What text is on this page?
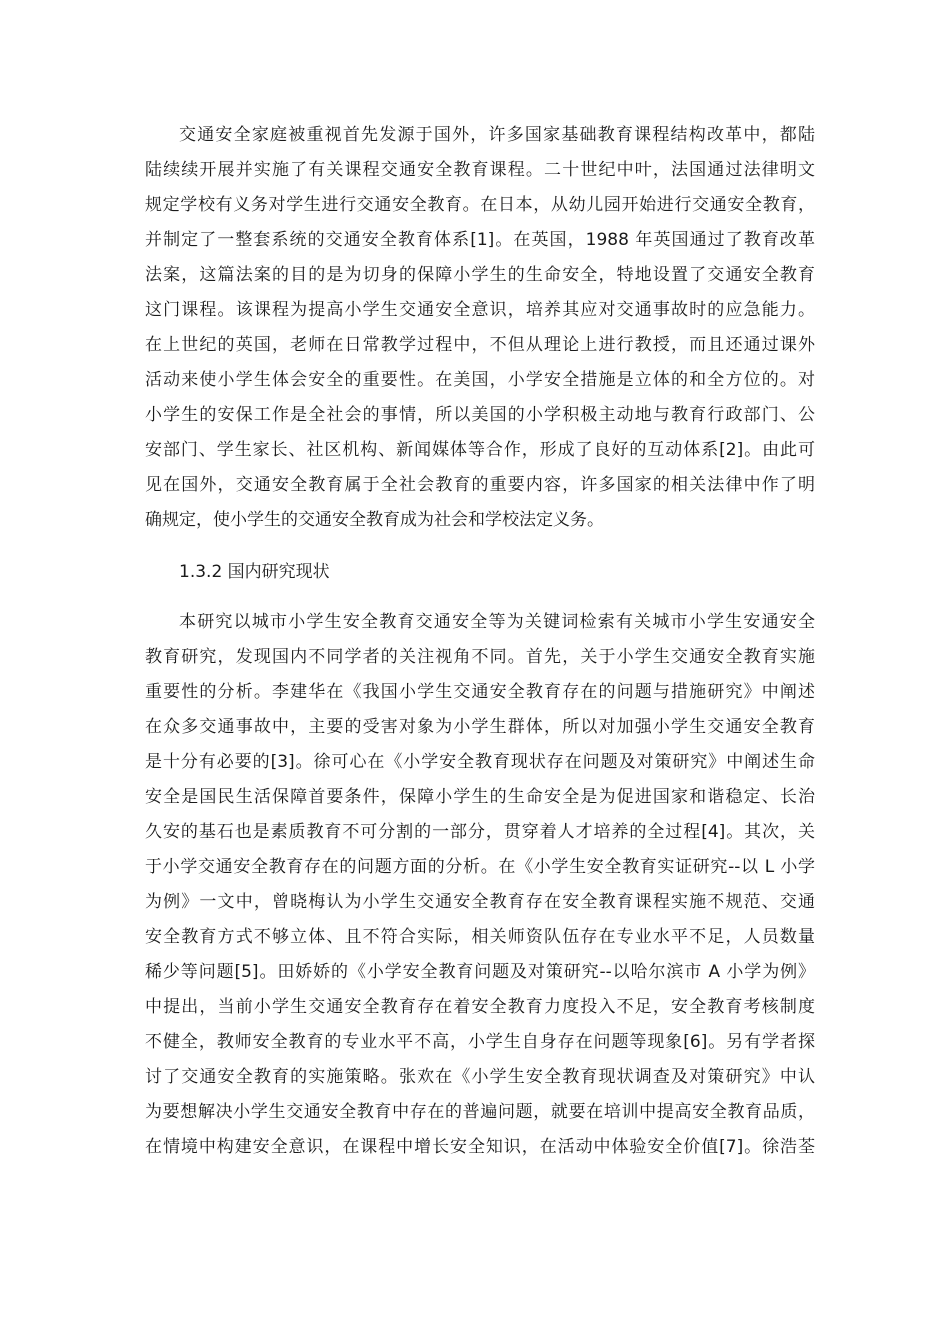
交通安全家庭被重视首先发源于国外，许多国家基础教育课程结构改革中，都陆
陆续续开展并实施了有关课程交通安全教育课程。二十世纪中叶，法国通过法律明文
规定学校有义务对学生进行交通安全教育。在日本，从幼儿园开始进行交通安全教育，
并制定了一整套系统的交通安全教育体系[1]。在英国，1988 年英国通过了教育改革
法案，这篇法案的目的是为切身的保障小学生的生命安全，特地设置了交通安全教育
这门课程。该课程为提高小学生交通安全意识，培养其应对交通事故时的应急能力。
在上世纪的英国，老师在日常教学过程中，不但从理论上进行教授，而且还通过课外
活动来使小学生体会安全的重要性。在美国，小学安全措施是立体的和全方位的。对
小学生的安保工作是全社会的事情，所以美国的小学积极主动地与教育行政部门、公
安部门、学生家长、社区机构、新闻媒体等合作，形成了良好的互动体系[2]。由此可
见在国外，交通安全教育属于全社会教育的重要内容，许多国家的相关法律中作了明
确规定，使小学生的交通安全教育成为社会和学校法定义务。
1.3.2 国内研究现状
本研究以城市小学生安全教育交通安全等为关键词检索有关城市小学生安通安全
教育研究，发现国内不同学者的关注视角不同。首先，关于小学生交通安全教育实施
重要性的分析。李建华在《我国小学生交通安全教育存在的问题与措施研究》中阐述
在众多交通事故中，主要的受害对象为小学生群体，所以对加强小学生交通安全教育
是十分有必要的[3]。徐可心在《小学安全教育现状存在问题及对策研究》中阐述生命
安全是国民生活保障首要条件，保障小学生的生命安全是为促进国家和谐稳定、长治
久安的基石也是素质教育不可分割的一部分，贯穿着人才培养的全过程[4]。其次，关
于小学交通安全教育存在的问题方面的分析。在《小学生安全教育实证研究--以 L 小学
为例》一文中，曾晓梅认为小学生交通安全教育存在安全教育课程实施不规范、交通
安全教育方式不够立体、且不符合实际，相关师资队伍存在专业水平不足，人员数量
稀少等问题[5]。田娇娇的《小学安全教育问题及对策研究--以哈尔滨市 A 小学为例》
中提出，当前小学生交通安全教育存在着安全教育力度投入不足，安全教育考核制度
不健全，教师安全教育的专业水平不高，小学生自身存在问题等现象[6]。另有学者探
讨了交通安全教育的实施策略。张欢在《小学生安全教育现状调查及对策研究》中认
为要想解决小学生交通安全教育中存在的普遍问题，就要在培训中提高安全教育品质，
在情境中构建安全意识，在课程中增长安全知识，在活动中体验安全价值[7]。徐浩荃
